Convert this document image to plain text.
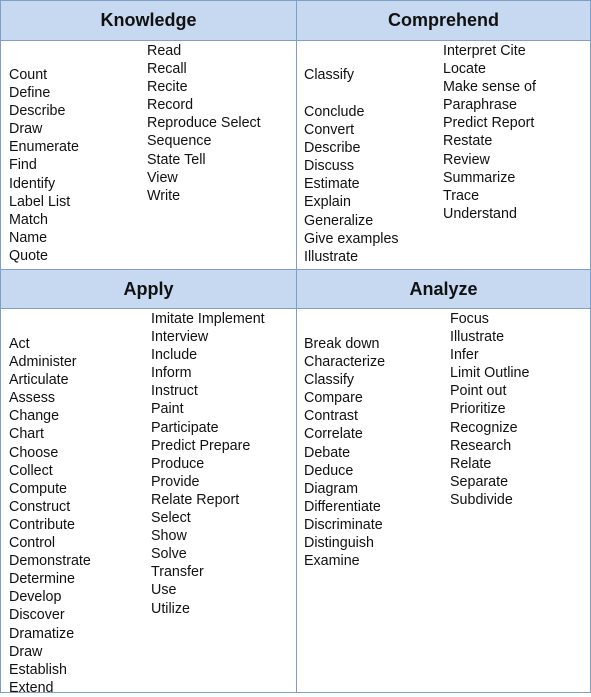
Knowledge	Comprehend
Apply	Analyze
Count
Define
Describe
Draw
Enumerate
Find
Identify
Label List
Match
Name
Quote
Read
Recall
Recite
Record
Reproduce Select
Sequence
State Tell
View
Write
Classify
Conclude
Convert
Describe
Discuss
Estimate
Explain
Generalize
Give examples
Illustrate
Interpret Cite
Locate
Make sense of
Paraphrase
Predict Report
Restate
Review
Summarize
Trace
Understand
Act
Administer
Articulate
Assess
Change
Chart
Choose
Collect
Compute
Construct
Contribute
Control
Demonstrate
Determine
Develop
Discover
Dramatize
Draw
Establish
Extend
Imitate Implement
Interview
Include
Inform
Instruct
Paint
Participate
Predict Prepare
Produce
Provide
Relate Report
Select
Show
Solve
Transfer
Use
Utilize
Break down
Characterize
Classify
Compare
Contrast
Correlate
Debate
Deduce
Diagram
Differentiate
Discriminate
Distinguish
Examine
Focus
Illustrate
Infer
Limit Outline
Point out
Prioritize
Recognize
Research
Relate
Separate
Subdivide
